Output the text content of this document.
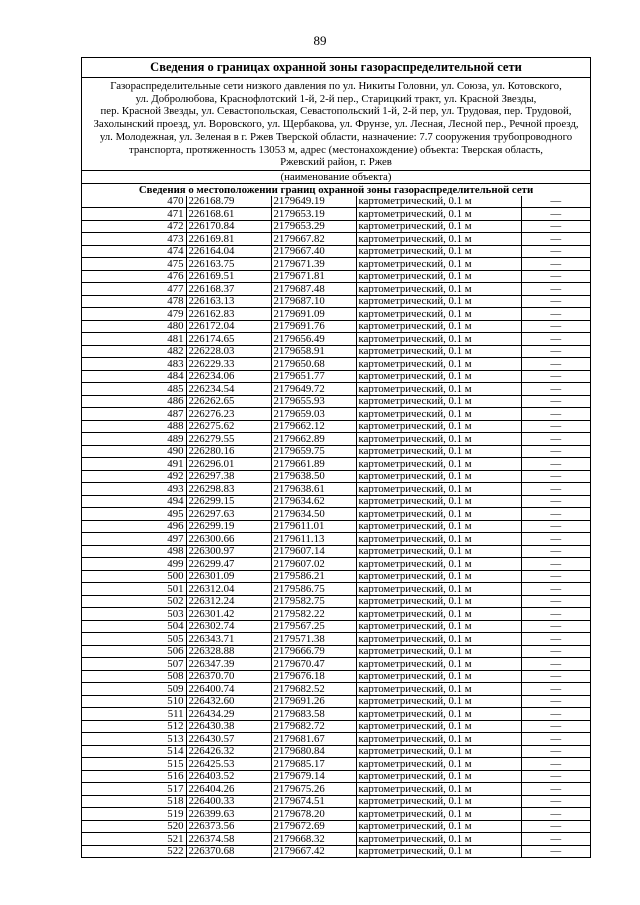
89
Сведения о границах охранной зоны газораспределительной сети
Газораспределительные сети низкого давления по ул. Никиты Головни, ул. Союза, ул. Котовского,
ул. Добролюбова, Краснофлотский 1-й, 2-й пер., Старицкий тракт, ул. Красной Звезды,
пер. Красной Звезды, ул. Севастопольская, Севастопольский 1-й, 2-й пер, ул. Трудовая, пер. Трудовой,
Захолынский проезд, ул. Воровского, ул. Щербакова, ул. Фрунзе, ул. Лесная, Лесной пер., Речной проезд,
ул. Молодежная, ул. Зеленая в г. Ржев Тверской области, назначение: 7.7 сооружения трубопроводного
транспорта, протяженность 13053 м, адрес (местонахождение) объекта: Тверская область,
Ржевский район, г. Ржев
(наименование объекта)
Сведения о местоположении границ охранной зоны газораспределительной сети
470	226168.79	2179649.19	картометрический, 0.1 м	—
471	226168.61	2179653.19	картометрический, 0.1 м	—
472	226170.84	2179653.29	картометрический, 0.1 м	—
473	226169.81	2179667.82	картометрический, 0.1 м	—
474	226164.04	2179667.40	картометрический, 0.1 м	—
475	226163.75	2179671.39	картометрический, 0.1 м	—
476	226169.51	2179671.81	картометрический, 0.1 м	—
477	226168.37	2179687.48	картометрический, 0.1 м	—
478	226163.13	2179687.10	картометрический, 0.1 м	—
479	226162.83	2179691.09	картометрический, 0.1 м	—
480	226172.04	2179691.76	картометрический, 0.1 м	—
481	226174.65	2179656.49	картометрический, 0.1 м	—
482	226228.03	2179658.91	картометрический, 0.1 м	—
483	226229.33	2179650.68	картометрический, 0.1 м	—
484	226234.06	2179651.77	картометрический, 0.1 м	—
485	226234.54	2179649.72	картометрический, 0.1 м	—
486	226262.65	2179655.93	картометрический, 0.1 м	—
487	226276.23	2179659.03	картометрический, 0.1 м	—
488	226275.62	2179662.12	картометрический, 0.1 м	—
489	226279.55	2179662.89	картометрический, 0.1 м	—
490	226280.16	2179659.75	картометрический, 0.1 м	—
491	226296.01	2179661.89	картометрический, 0.1 м	—
492	226297.38	2179638.50	картометрический, 0.1 м	—
493	226298.83	2179638.61	картометрический, 0.1 м	—
494	226299.15	2179634.62	картометрический, 0.1 м	—
495	226297.63	2179634.50	картометрический, 0.1 м	—
496	226299.19	2179611.01	картометрический, 0.1 м	—
497	226300.66	2179611.13	картометрический, 0.1 м	—
498	226300.97	2179607.14	картометрический, 0.1 м	—
499	226299.47	2179607.02	картометрический, 0.1 м	—
500	226301.09	2179586.21	картометрический, 0.1 м	—
501	226312.04	2179586.75	картометрический, 0.1 м	—
502	226312.24	2179582.75	картометрический, 0.1 м	—
503	226301.42	2179582.22	картометрический, 0.1 м	—
504	226302.74	2179567.25	картометрический, 0.1 м	—
505	226343.71	2179571.38	картометрический, 0.1 м	—
506	226328.88	2179666.79	картометрический, 0.1 м	—
507	226347.39	2179670.47	картометрический, 0.1 м	—
508	226370.70	2179676.18	картометрический, 0.1 м	—
509	226400.74	2179682.52	картометрический, 0.1 м	—
510	226432.60	2179691.26	картометрический, 0.1 м	—
511	226434.29	2179683.58	картометрический, 0.1 м	—
512	226430.38	2179682.72	картометрический, 0.1 м	—
513	226430.57	2179681.67	картометрический, 0.1 м	—
514	226426.32	2179680.84	картометрический, 0.1 м	—
515	226425.53	2179685.17	картометрический, 0.1 м	—
516	226403.52	2179679.14	картометрический, 0.1 м	—
517	226404.26	2179675.26	картометрический, 0.1 м	—
518	226400.33	2179674.51	картометрический, 0.1 м	—
519	226399.63	2179678.20	картометрический, 0.1 м	—
520	226373.56	2179672.69	картометрический, 0.1 м	—
521	226374.58	2179668.32	картометрический, 0.1 м	—
522	226370.68	2179667.42	картометрический, 0.1 м	—
